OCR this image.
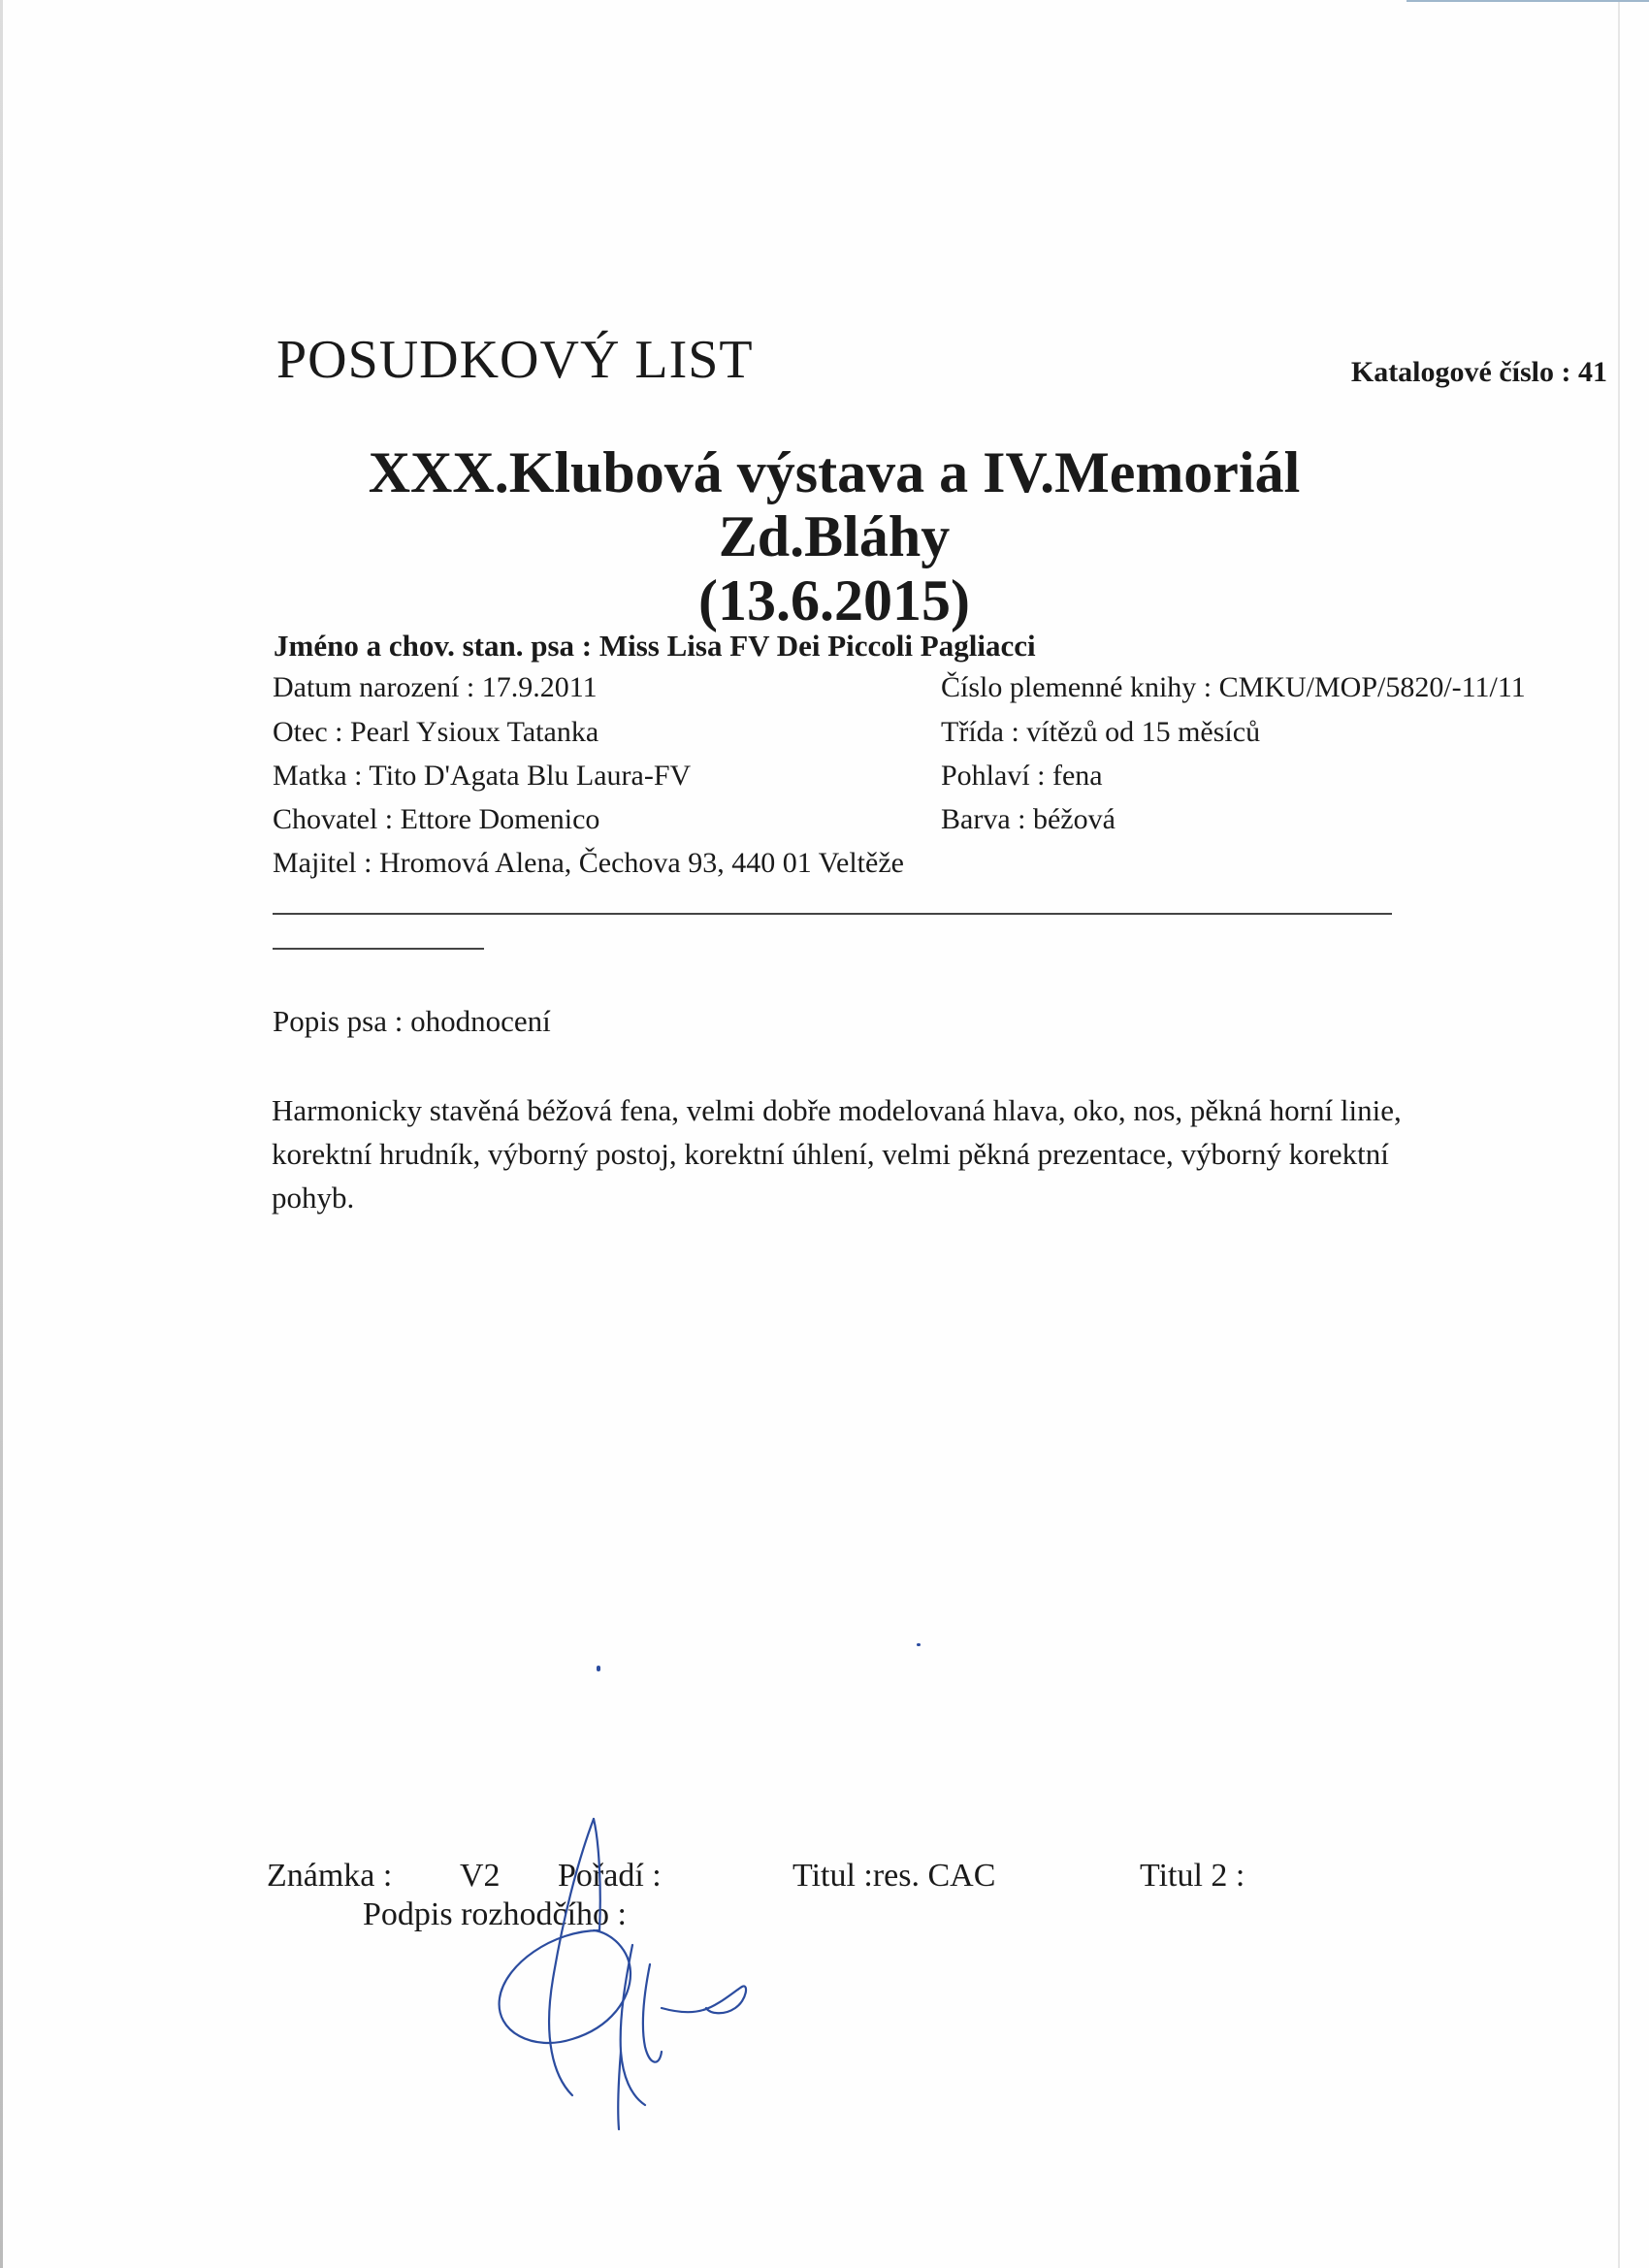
POSUDKOVÝ LIST	Katalogové číslo : 41
XXX.Klubová výstava a IV.Memoriál Zd.Bláhy
(13.6.2015)
Jméno a chov. stan. psa : Miss Lisa FV Dei Piccoli Pagliacci
Datum narození : 17.9.2011	Číslo plemenné knihy : CMKU/MOP/5820/-11/11
Otec : Pearl Ysioux Tatanka	Třída : vítězů od 15 měsíců
Matka : Tito D'Agata Blu Laura-FV	Pohlaví : fena
Chovatel : Ettore Domenico	Barva : béžová
Majitel : Hromová Alena, Čechova 93, 440 01 Veltěže
Popis psa : ohodnocení

Harmonicky stavěná béžová fena, velmi dobře modelovaná hlava, oko, nos, pěkná horní linie, korektní hrudník, výborný postoj, korektní úhlení, velmi pěkná prezentace, výborný korektní pohyb.

Známka : V2 Pořadí :	Titul :res. CAC	Titul 2 :
Podpis rozhodčího :
